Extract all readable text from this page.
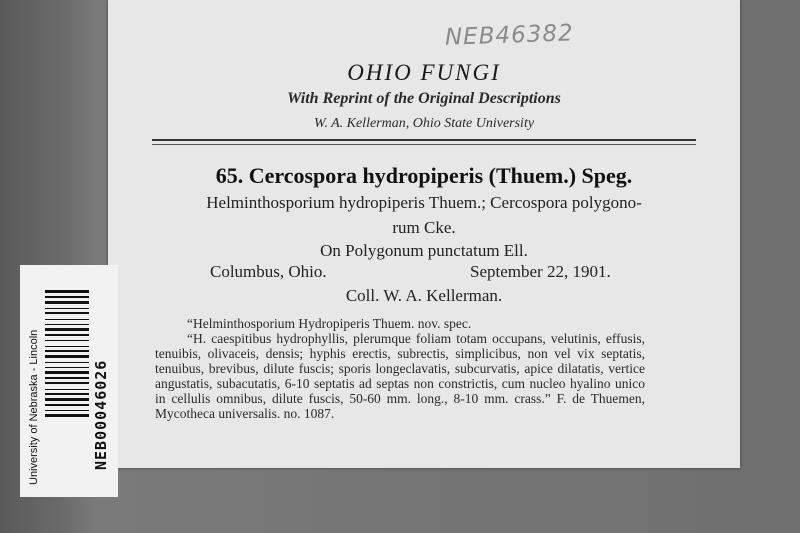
NEB46382
OHIO FUNGI
With Reprint of the Original Descriptions
W. A. Kellerman, Ohio State University
65. Cercospora hydropiperis (Thuem.) Speg.
Helminthosporium hydropiperis Thuem.; Cercospora polygono-
rum Cke.
On Polygonum punctatum Ell.
Columbus, Ohio.	September 22, 1901.
Coll. W. A. Kellerman.

“Helminthosporium Hydropiperis Thuem. nov. spec.

“H. caespitibus hydrophyllis, plerumque foliam totam occupans, velutinis, effusis, tenuibis, olivaceis, densis; hyphis erectis, subrectis, simplicibus, non vel vix septatis, tenuibus, brevibus, dilute fuscis; sporis longeclavatis, subcurvatis, apice dilatatis, vertice angustatis, subacutatis, 6-10 septatis ad septas non constrictis, cum nucleo hyalino unico in cellulis omnibus, dilute fuscis, 50-60 mm. long., 8-10 mm. crass.” F. de Thuemen, Mycotheca universalis. no. 1087.

University of Nebraska - Lincoln	NEB00046026
